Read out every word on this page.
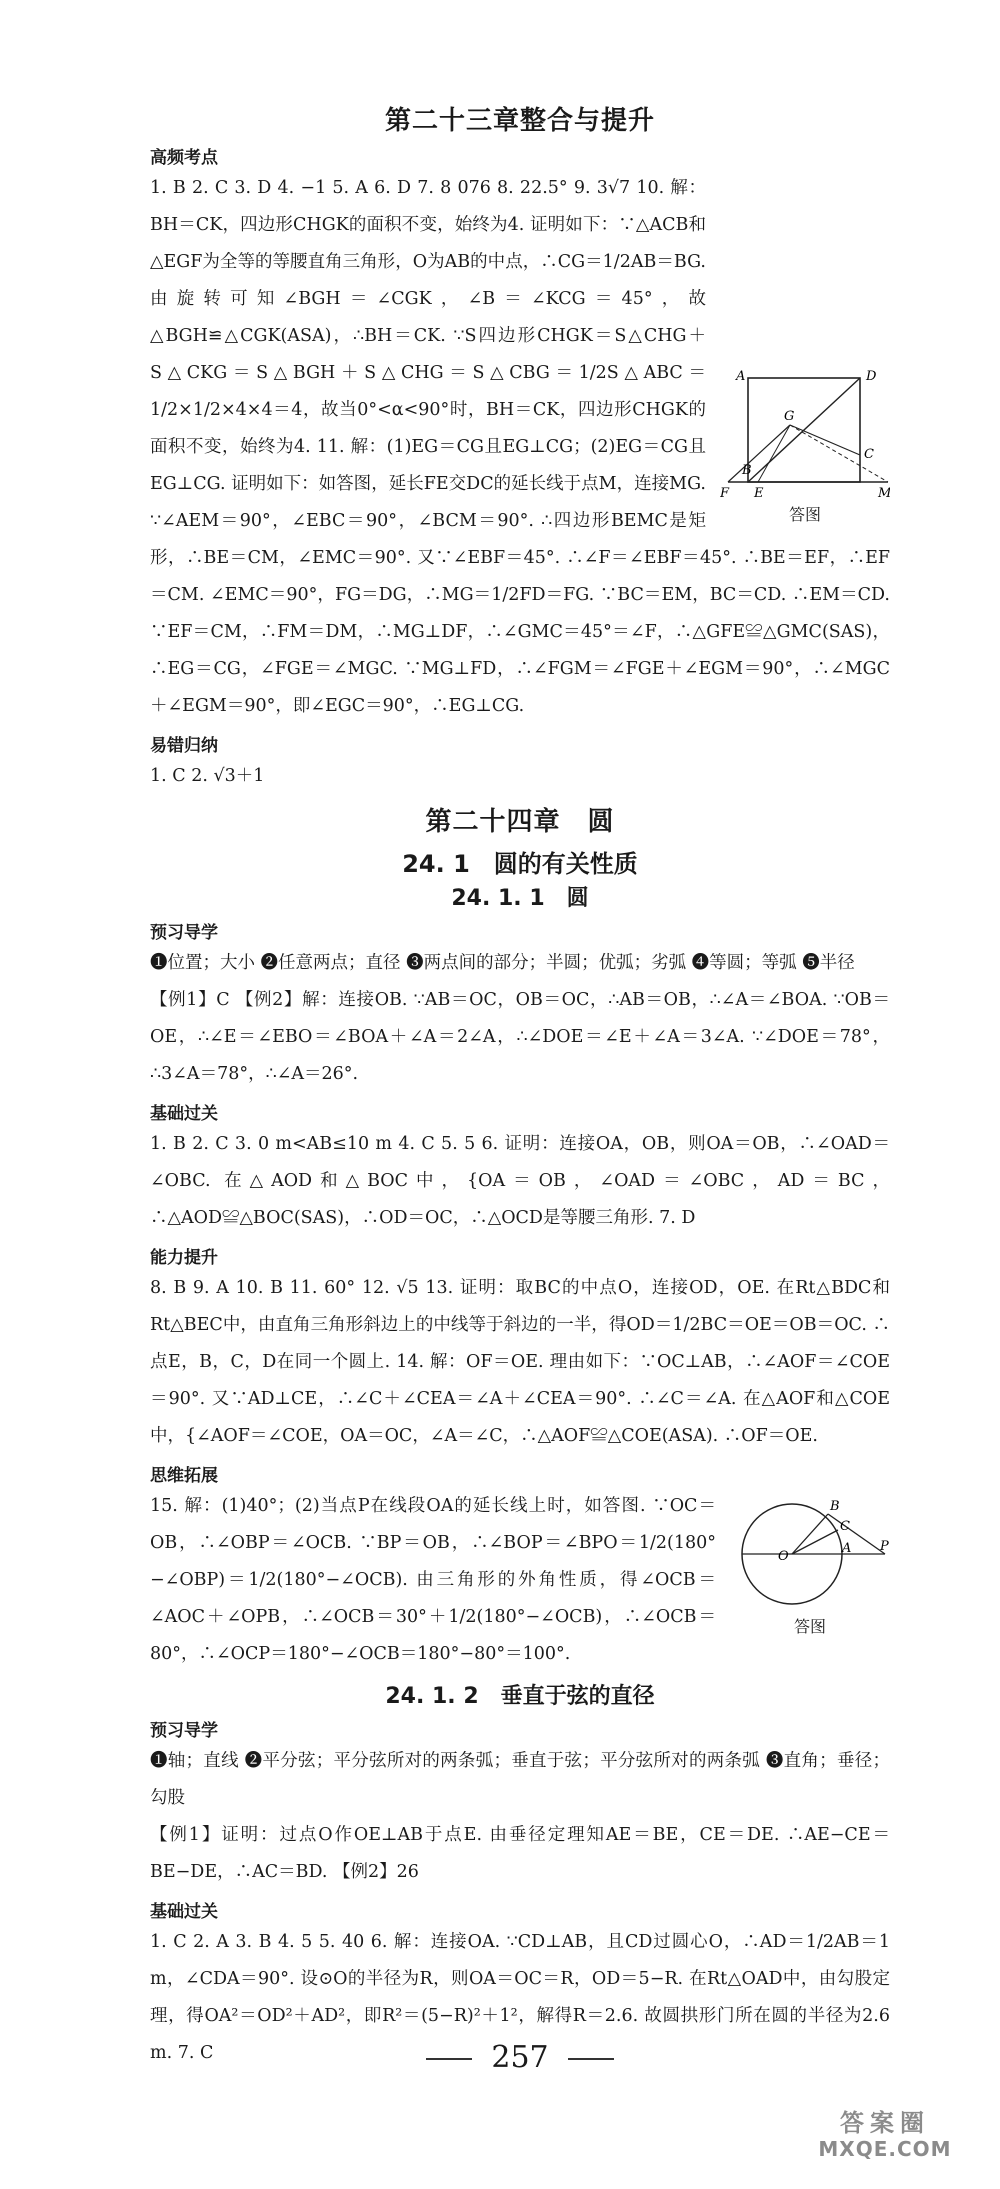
第二十三章整合与提升
高频考点
A	D
G
B
C
F E	M
答图

1. B 2. C 3. D 4. −1 5. A 6. D 7. 8 076 8. 22.5° 9. 3√7 10. 解：BH＝CK，四边形CHGK的面积不变，始终为4. 证明如下：∵△ACB和△EGF为全等的等腰直角三角形，O为AB的中点，∴CG＝1/2AB＝BG. 由旋转可知∠BGH＝∠CGK，∠B＝∠KCG＝45°，故△BGH≌△CGK(ASA)，∴BH＝CK. ∵S四边形CHGK＝S△CHG＋S△CKG＝S△BGH＋S△CHG＝S△CBG＝1/2S△ABC＝1/2×1/2×4×4＝4，故当0°<α<90°时，BH＝CK，四边形CHGK的面积不变，始终为4. 11. 解：(1)EG＝CG且EG⊥CG；(2)EG＝CG且EG⊥CG. 证明如下：如答图，延长FE交DC的延长线于点M，连接MG. ∵∠AEM＝90°，∠EBC＝90°，∠BCM＝90°. ∴四边形BEMC是矩形，∴BE＝CM，∠EMC＝90°. 又∵∠EBF＝45°. ∴∠F＝∠EBF＝45°. ∴BE＝EF，∴EF＝CM. ∠EMC＝90°，FG＝DG，∴MG＝1/2FD＝FG. ∵BC＝EM，BC＝CD. ∴EM＝CD. ∵EF＝CM，∴FM＝DM，∴MG⊥DF，∴∠GMC＝45°＝∠F，∴△GFE≌△GMC(SAS)，∴EG＝CG，∠FGE＝∠MGC. ∵MG⊥FD，∴∠FGM＝∠FGE＋∠EGM＝90°，∴∠MGC＋∠EGM＝90°，即∠EGC＝90°，∴EG⊥CG.

易错归纳

1. C 2. √3＋1

第二十四章　圆
24. 1　圆的有关性质
24. 1. 1　圆
预习导学

❶位置；大小 ❷任意两点；直径 ❸两点间的部分；半圆；优弧；劣弧 ❹等圆；等弧 ❺半径

【例1】C 【例2】解：连接OB. ∵AB＝OC，OB＝OC，∴AB＝OB，∴∠A＝∠BOA. ∵OB＝OE，∴∠E＝∠EBO＝∠BOA＋∠A＝2∠A，∴∠DOE＝∠E＋∠A＝3∠A. ∵∠DOE＝78°，∴3∠A＝78°，∴∠A＝26°.

基础过关

1. B 2. C 3. 0 m<AB≤10 m 4. C 5. 5 6. 证明：连接OA，OB，则OA＝OB，∴∠OAD＝∠OBC. 在△AOD和△BOC中，{OA＝OB，∠OAD＝∠OBC，AD＝BC，∴△AOD≌△BOC(SAS)，∴OD＝OC，∴△OCD是等腰三角形. 7. D

能力提升

8. B 9. A 10. B 11. 60° 12. √5 13. 证明：取BC的中点O，连接OD，OE. 在Rt△BDC和Rt△BEC中，由直角三角形斜边上的中线等于斜边的一半，得OD＝1/2BC＝OE＝OB＝OC. ∴点E，B，C，D在同一个圆上. 14. 解：OF＝OE. 理由如下：∵OC⊥AB，∴∠AOF＝∠COE＝90°. 又∵AD⊥CE，∴∠C＋∠CEA＝∠A＋∠CEA＝90°. ∴∠C＝∠A. 在△AOF和△COE中，{∠AOF＝∠COE，OA＝OC，∠A＝∠C，∴△AOF≌△COE(ASA). ∴OF＝OE.

思维拓展
B
C
O
A P
答图

15. 解：(1)40°；(2)当点P在线段OA的延长线上时，如答图. ∵OC＝OB，∴∠OBP＝∠OCB. ∵BP＝OB，∴∠BOP＝∠BPO＝1/2(180°−∠OBP)＝1/2(180°−∠OCB). 由三角形的外角性质，得∠OCB＝∠AOC＋∠OPB，∴∠OCB＝30°＋1/2(180°−∠OCB)，∴∠OCB＝80°，∴∠OCP＝180°−∠OCB＝180°−80°＝100°.

24. 1. 2　垂直于弦的直径
预习导学

❶轴；直线 ❷平分弦；平分弦所对的两条弧；垂直于弦；平分弦所对的两条弧 ❸直角；垂径；勾股

【例1】证明：过点O作OE⊥AB于点E. 由垂径定理知AE＝BE，CE＝DE. ∴AE−CE＝BE−DE，∴AC＝BD. 【例2】26

基础过关

1. C 2. A 3. B 4. 5 5. 40 6. 解：连接OA. ∵CD⊥AB，且CD过圆心O，∴AD＝1/2AB＝1 m，∠CDA＝90°. 设⊙O的半径为R，则OA＝OC＝R，OD＝5−R. 在Rt△OAD中，由勾股定理，得OA²＝OD²＋AD²，即R²＝(5−R)²＋1²，解得R＝2.6. 故圆拱形门所在圆的半径为2.6 m. 7. C	257
答案圈
MXQE.COM
